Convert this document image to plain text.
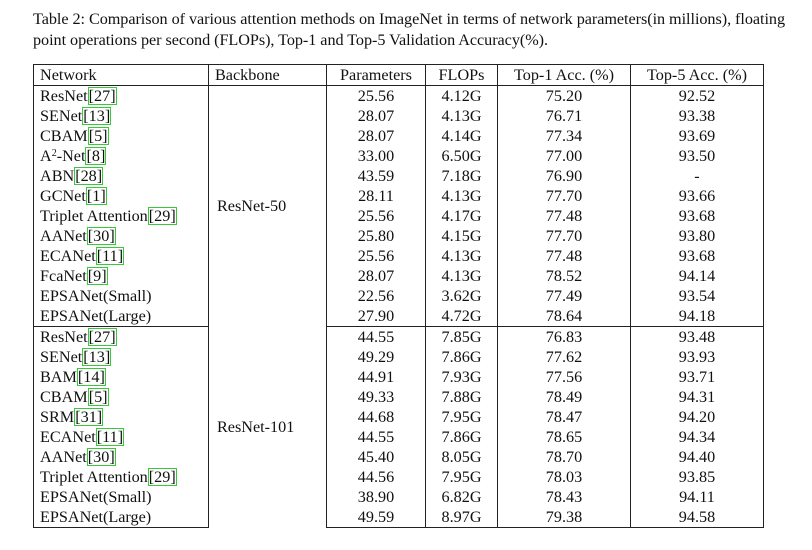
Table 2: Comparison of various attention methods on ImageNet in terms of network parameters(in millions), floating point operations per second (FLOPs), Top-1 and Top-5 Validation Accuracy(%).
Network	Backbone	Parameters	FLOPs	Top-1 Acc. (%)	Top-5 Acc. (%)
ResNet[27]	ResNet-50	25.56	4.12G	75.20	92.52
SENet[13]		28.07	4.13G	76.71	93.38
CBAM[5]		28.07	4.14G	77.34	93.69
$A^2-Net[8]$		33.00	6.50G	77.00	93.50
ABN[28]		43.59	7.18G	76.90	-
GCNet[1]		28.11	4.13G	77.70	93.66
Triplet Attention[29]		25.56	4.17G	77.48	93.68
AANet[30]		25.80	4.15G	77.70	93.80
ECANet[11]		25.56	4.13G	77.48	93.68
FcaNet[9]		28.07	4.13G	78.52	94.14
EPSANet(Small)		22.56	3.62G	77.49	93.54
EPSANet(Large)		27.90	4.72G	78.64	94.18
ResNet[27]	ResNet-101	44.55	7.85G	76.83	93.48
SENet[13]		49.29	7.86G	77.62	93.93
BAM[14]		44.91	7.93G	77.56	93.71
CBAM[5]		49.33	7.88G	78.49	94.31
SRM[31]		44.68	7.95G	78.47	94.20
ECANet[11]		44.55	7.86G	78.65	94.34
AANet[30]		45.40	8.05G	78.70	94.40
Triplet Attention[29]		44.56	7.95G	78.03	93.85
EPSANet(Small)		38.90	6.82G	78.43	94.11
EPSANet(Large)		49.59	8.97G	79.38	94.58
